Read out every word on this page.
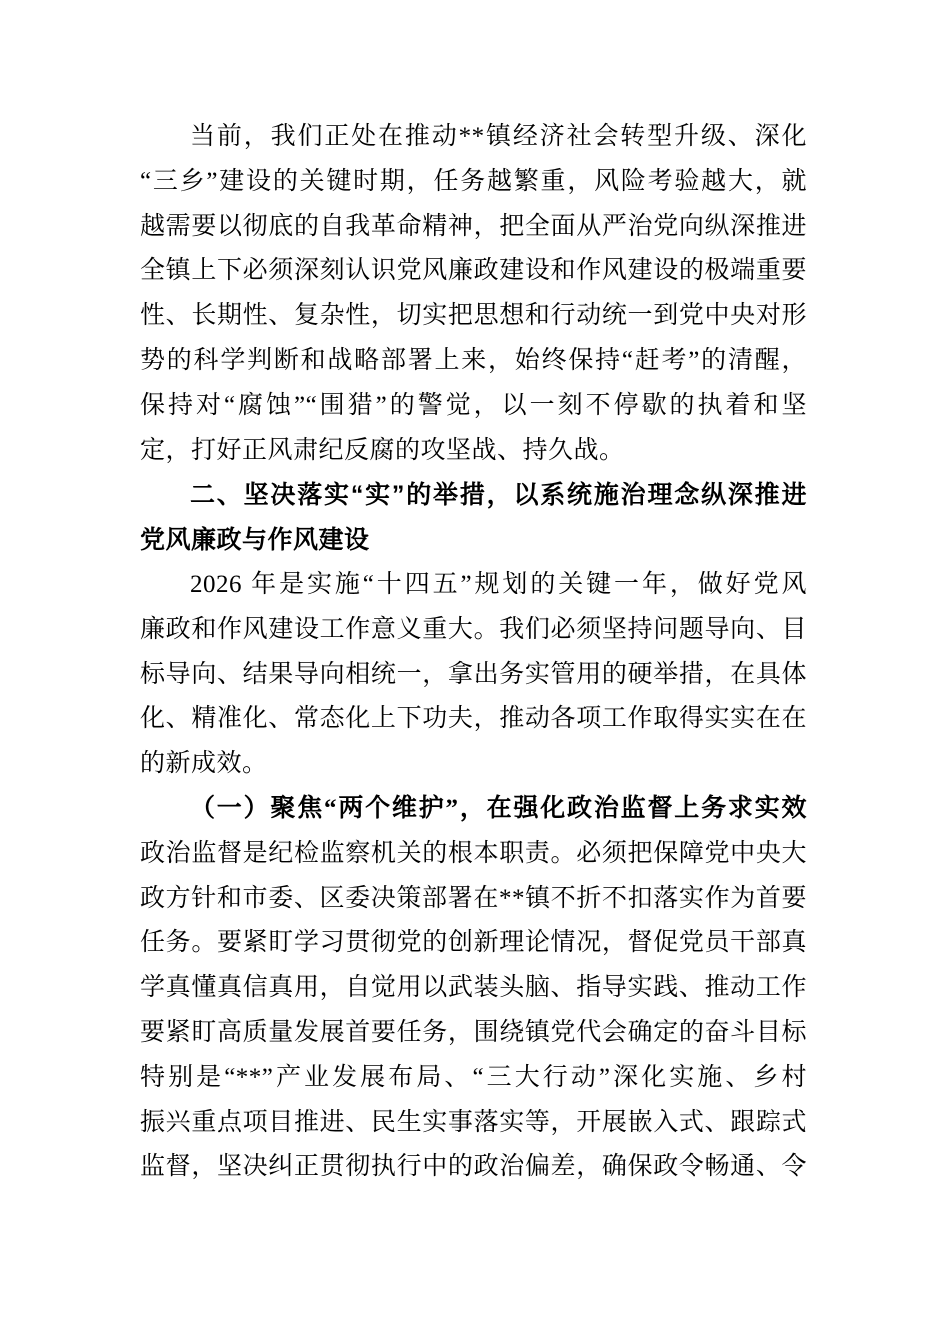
当前，我们正处在推动**镇经济社会转型升级、深化
“三乡”建设的关键时期，任务越繁重，风险考验越大，就
越需要以彻底的自我革命精神，把全面从严治党向纵深推进
全镇上下必须深刻认识党风廉政建设和作风建设的极端重要
性、长期性、复杂性，切实把思想和行动统一到党中央对形
势的科学判断和战略部署上来，始终保持“赶考”的清醒，
保持对“腐蚀”“围猎”的警觉，以一刻不停歇的执着和坚
定，打好正风肃纪反腐的攻坚战、持久战。
二、坚决落实“实”的举措，以系统施治理念纵深推进
党风廉政与作风建设
2026 年是实施“十四五”规划的关键一年，做好党风
廉政和作风建设工作意义重大。我们必须坚持问题导向、目
标导向、结果导向相统一，拿出务实管用的硬举措，在具体
化、精准化、常态化上下功夫，推动各项工作取得实实在在
的新成效。
（一）聚焦“两个维护”，在强化政治监督上务求实效
政治监督是纪检监察机关的根本职责。必须把保障党中央大
政方针和市委、区委决策部署在**镇不折不扣落实作为首要
任务。要紧盯学习贯彻党的创新理论情况，督促党员干部真
学真懂真信真用，自觉用以武装头脑、指导实践、推动工作
要紧盯高质量发展首要任务，围绕镇党代会确定的奋斗目标
特别是“**”产业发展布局、“三大行动”深化实施、乡村
振兴重点项目推进、民生实事落实等，开展嵌入式、跟踪式
监督，坚决纠正贯彻执行中的政治偏差，确保政令畅通、令
